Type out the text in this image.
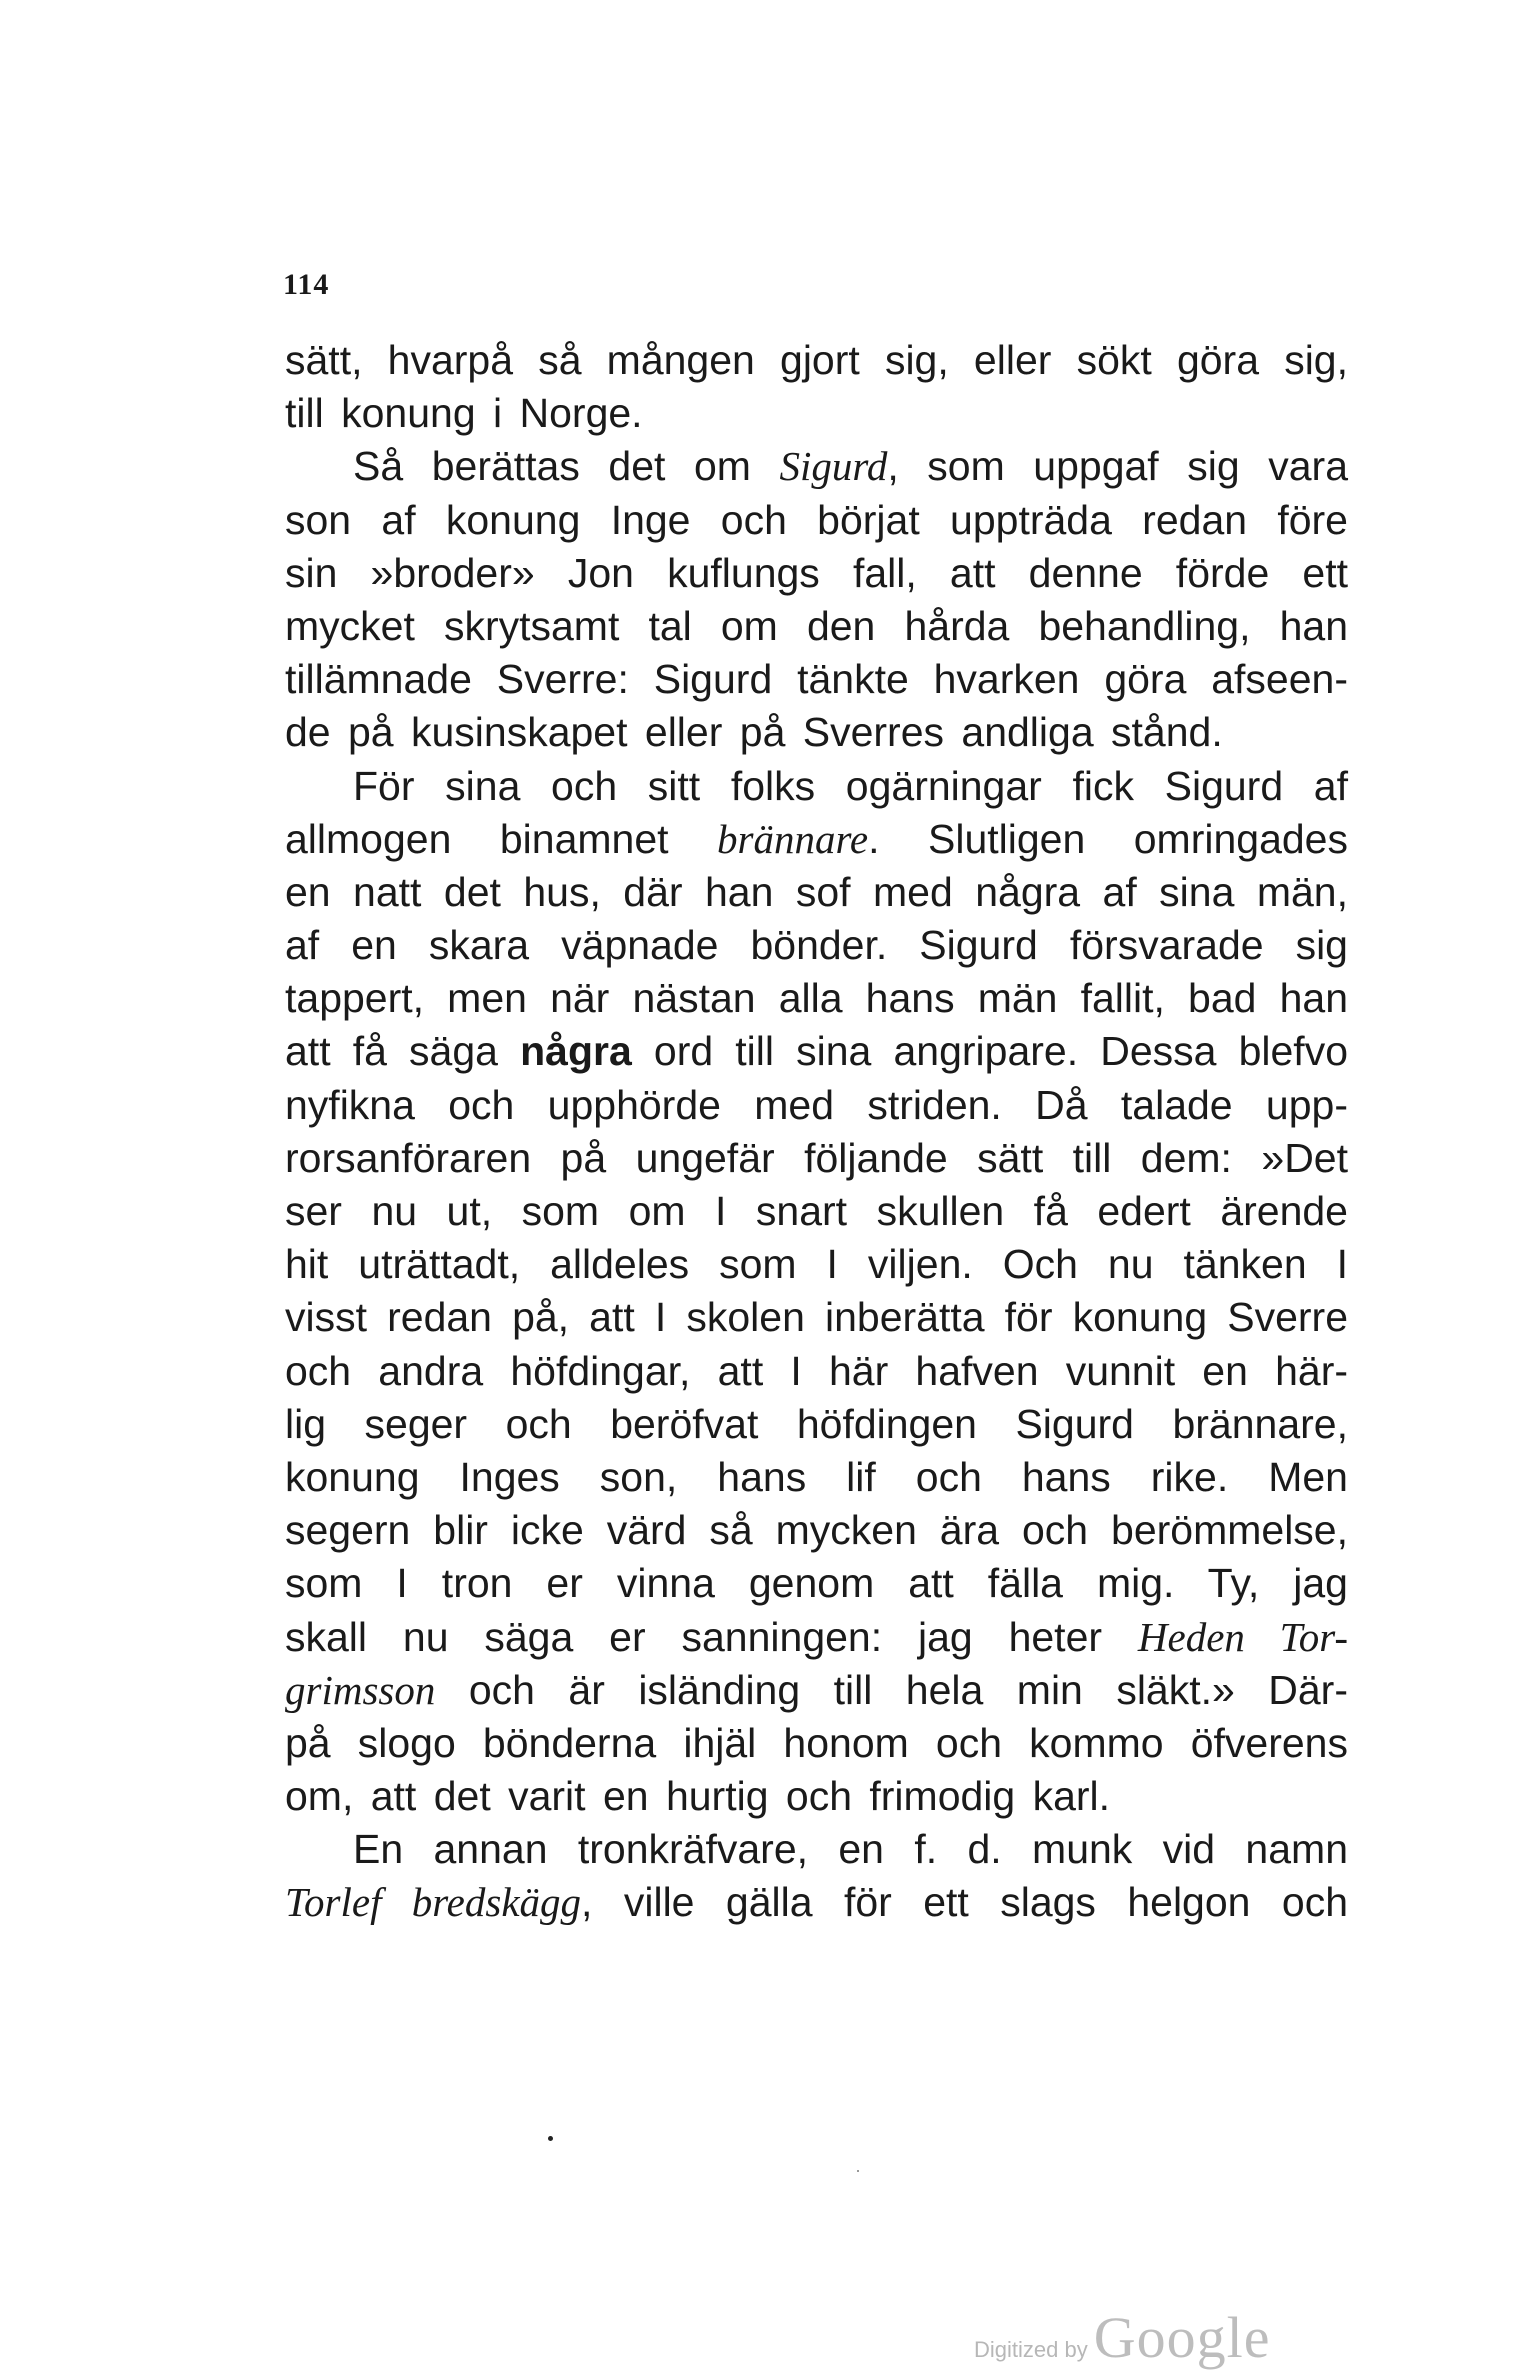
114
sätt, hvarpå så mången gjort sig, eller sökt göra sig,
till konung i Norge.
Så berättas det om Sigurd, som uppgaf sig vara
son af konung Inge och börjat uppträda redan före
sin »broder» Jon kuflungs fall, att denne förde ett
mycket skrytsamt tal om den hårda behandling, han
tillämnade Sverre: Sigurd tänkte hvarken göra afseen-
de på kusinskapet eller på Sverres andliga stånd.
För sina och sitt folks ogärningar fick Sigurd af
allmogen binamnet brännare. Slutligen omringades
en natt det hus, där han sof med några af sina män,
af en skara väpnade bönder. Sigurd försvarade sig
tappert, men när nästan alla hans män fallit, bad han
att få säga några ord till sina angripare. Dessa blefvo
nyfikna och upphörde med striden. Då talade upp-
rorsanföraren på ungefär följande sätt till dem: »Det
ser nu ut, som om I snart skullen få edert ärende
hit uträttadt, alldeles som I viljen. Och nu tänken I
visst redan på, att I skolen inberätta för konung Sverre
och andra höfdingar, att I här hafven vunnit en här-
lig seger och beröfvat höfdingen Sigurd brännare,
konung Inges son, hans lif och hans rike. Men
segern blir icke värd så mycken ära och berömmelse,
som I tron er vinna genom att fälla mig. Ty, jag
skall nu säga er sanningen: jag heter Heden Tor-
grimsson och är isländing till hela min släkt.» Där-
på slogo bönderna ihjäl honom och kommo öfverens
om, att det varit en hurtig och frimodig karl.
En annan tronkräfvare, en f. d. munk vid namn
Torlef bredskägg, ville gälla för ett slags helgon och
Digitized by Google
